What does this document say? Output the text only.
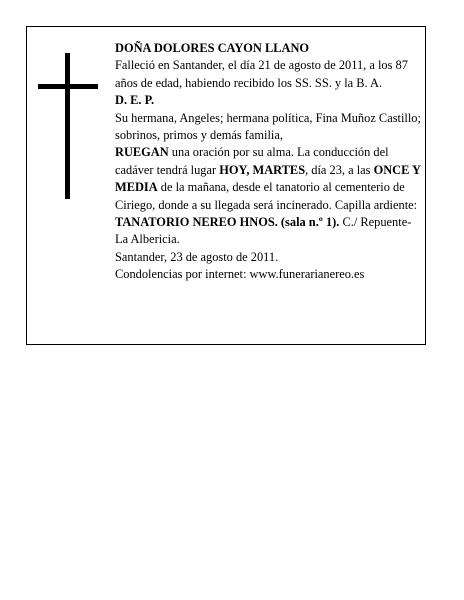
DOÑA DOLORES CAYON LLANO

Falleció en Santander, el día 21 de agosto de 2011, a los 87 años de edad, habiendo recibido los SS. SS. y la B. A.

D. E. P.

Su hermana, Angeles; hermana política, Fina Muñoz Castillo; sobrinos, primos y demás familia,

RUEGAN una oración por su alma. La conducción del cadáver tendrá lugar HOY, MARTES, día 23, a las ONCE Y MEDIA de la mañana, desde el tanatorio al cementerio de Ciriego, donde a su llegada será incinerado. Capilla ardiente: TANATORIO NEREO HNOS. (sala n.º 1). C./ Repuente-La Albericia.

Santander, 23 de agosto de 2011.

Condolencias por internet: www.funerarianereo.es
